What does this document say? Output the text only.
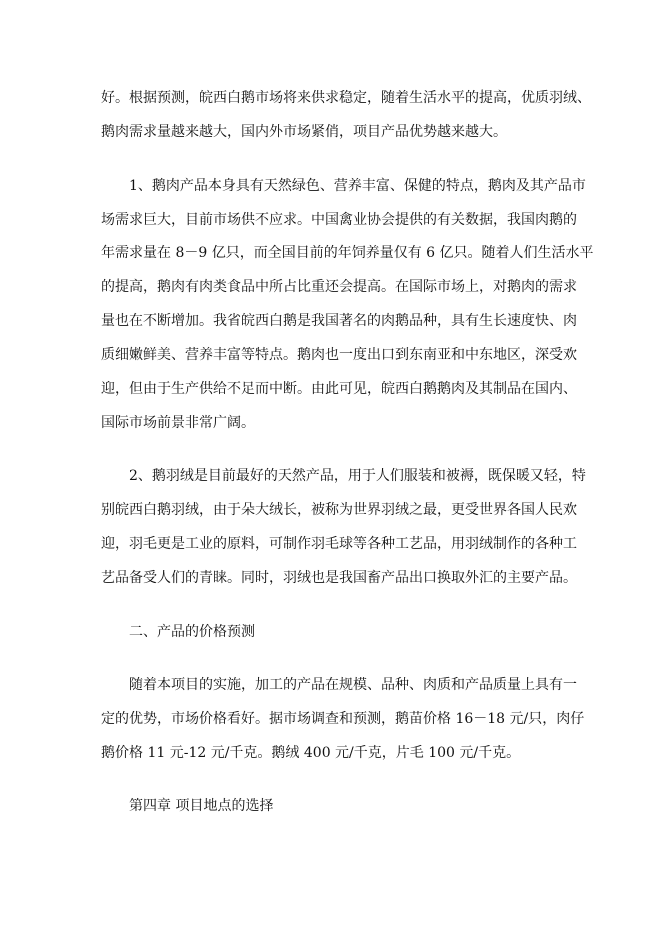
好。根据预测，皖西白鹅市场将来供求稳定，随着生活水平的提高，优质羽绒、
鹅肉需求量越来越大，国内外市场紧俏，项目产品优势越来越大。
1、鹅肉产品本身具有天然绿色、营养丰富、保健的特点，鹅肉及其产品市
场需求巨大，目前市场供不应求。中国禽业协会提供的有关数据，我国肉鹅的
年需求量在 8－9 亿只，而全国目前的年饲养量仅有 6 亿只。随着人们生活水平
的提高，鹅肉有肉类食品中所占比重还会提高。在国际市场上，对鹅肉的需求
量也在不断增加。我省皖西白鹅是我国著名的肉鹅品种，具有生长速度快、肉
质细嫩鲜美、营养丰富等特点。鹅肉也一度出口到东南亚和中东地区，深受欢
迎，但由于生产供给不足而中断。由此可见，皖西白鹅鹅肉及其制品在国内、
国际市场前景非常广阔。
2、鹅羽绒是目前最好的天然产品，用于人们服装和被褥，既保暖又轻，特
别皖西白鹅羽绒，由于朵大绒长，被称为世界羽绒之最，更受世界各国人民欢
迎，羽毛更是工业的原料，可制作羽毛球等各种工艺品，用羽绒制作的各种工
艺品备受人们的青睐。同时，羽绒也是我国畜产品出口换取外汇的主要产品。
二、产品的价格预测
随着本项目的实施，加工的产品在规模、品种、肉质和产品质量上具有一
定的优势，市场价格看好。据市场调查和预测，鹅苗价格 16－18 元/只，肉仔
鹅价格 11 元-12 元/千克。鹅绒 400 元/千克，片毛 100 元/千克。
第四章 项目地点的选择
